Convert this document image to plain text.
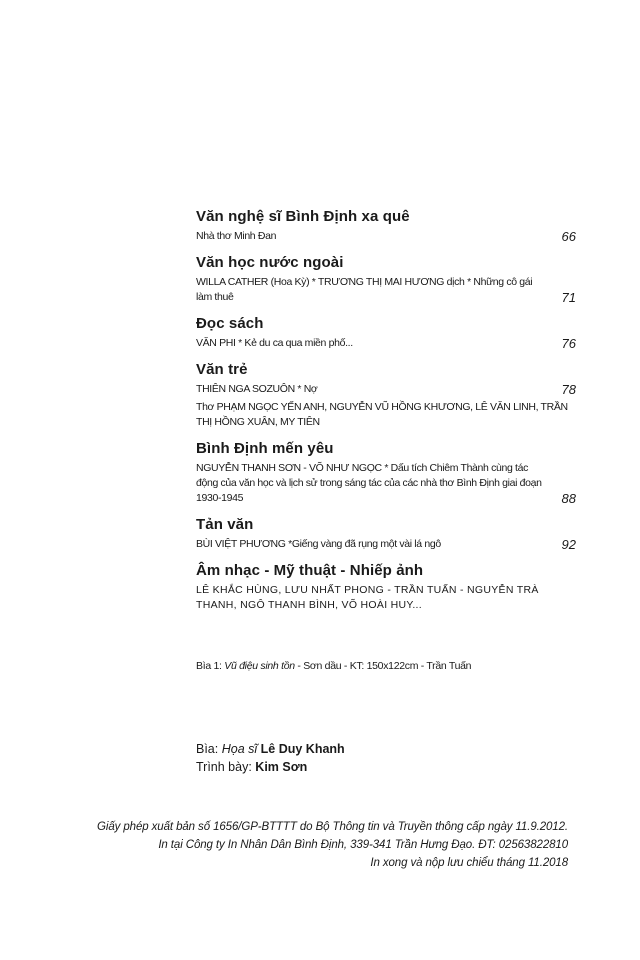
Văn nghệ sĩ Bình Định xa quê
Nhà thơ Minh Đan	66
Văn học nước ngoài
WILLA CATHER (Hoa Kỳ) * TRƯƠNG THỊ MAI HƯƠNG dịch * Những cô gái làm thuê	71
Đọc sách
VĂN PHI * Kẻ du ca qua miền phố...	76
Văn trẻ
THIÊN NGA SOZUÔN * Nợ	78
Thơ PHẠM NGỌC YẾN ANH, NGUYỄN VŨ HỒNG KHƯƠNG, LÊ VĂN LINH, TRẦN THỊ HỒNG XUÂN, MY TIÊN
Bình Định mến yêu
NGUYỄN THANH SƠN - VÕ NHƯ NGỌC * Dấu tích Chiêm Thành cùng tác động của văn học và lịch sử trong sáng tác của các nhà thơ Bình Định giai đoạn 1930-1945	88
Tản văn
BÙI VIỆT PHƯƠNG *Giếng vàng đã rụng một vài lá ngô	92
Âm nhạc - Mỹ thuật - Nhiếp ảnh
LÊ KHẮC HÙNG, LƯU NHẤT PHONG - TRẦN TUẤN - NGUYỄN TRÀ THANH, NGÔ THANH BÌNH, VÕ HOÀI HUY...
Bìa 1: Vũ điệu sinh tồn - Sơn dầu - KT: 150x122cm - Trần Tuấn
Bìa: Họa sĩ Lê Duy Khanh
Trình bày: Kim Sơn
Giấy phép xuất bản số 1656/GP-BTTTT do Bộ Thông tin và Truyền thông cấp ngày 11.9.2012.
In tại Công ty In Nhân Dân Bình Định, 339-341 Trần Hưng Đạo. ĐT: 02563822810
In xong và nộp lưu chiểu tháng 11.2018
